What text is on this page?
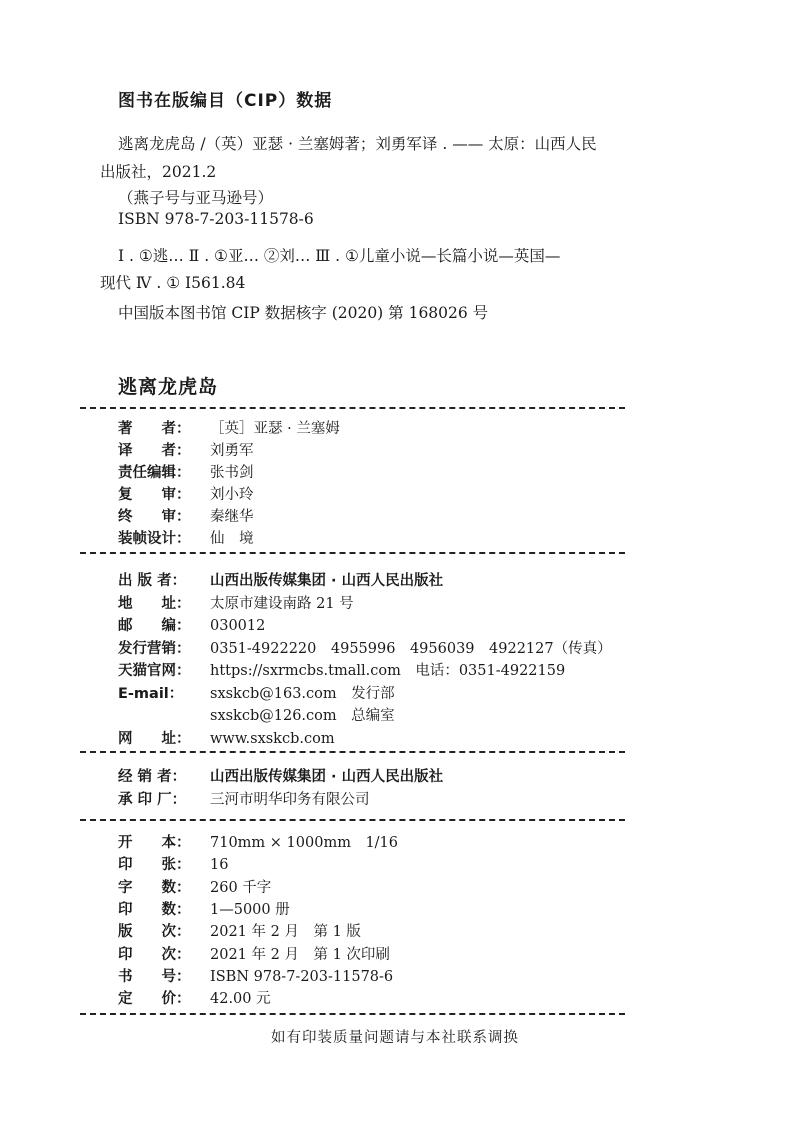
图书在版编目（CIP）数据
逃离龙虎岛 /（英）亚瑟 · 兰塞姆著；刘勇军译 . —— 太原：山西人民
出版社，2021.2
（燕子号与亚马逊号）
ISBN 978-7-203-11578-6
Ⅰ . ①逃… Ⅱ . ①亚… ②刘… Ⅲ . ①儿童小说—长篇小说—英国—
现代 Ⅳ . ① I561.84
中国版本图书馆 CIP 数据核字 (2020) 第 168026 号
逃离龙虎岛
著　　者： ［英］亚瑟 · 兰塞姆
译　　者： 刘勇军
责任编辑： 张书剑
复　　审： 刘小玲
终　　审： 秦继华
装帧设计： 仙　境
出 版 者： 山西出版传媒集团 · 山西人民出版社
地　　址： 太原市建设南路 21 号
邮　　编： 030012
发行营销： 0351-4922220　4955996　4956039　4922127（传真）
天猫官网： https://sxrmcbs.tmall.com　电话：0351-4922159
E-mail： sxskcb@163.com　发行部
sxskcb@126.com　总编室
网　　址： www.sxskcb.com
经 销 者： 山西出版传媒集团 · 山西人民出版社
承 印 厂： 三河市明华印务有限公司
开　　本： 710mm × 1000mm　1/16
印　　张： 16
字　　数： 260 千字
印　　数： 1—5000 册
版　　次： 2021 年 2 月　第 1 版
印　　次： 2021 年 2 月　第 1 次印刷
书　　号： ISBN 978-7-203-11578-6
定　　价： 42.00 元
如有印装质量问题请与本社联系调换
